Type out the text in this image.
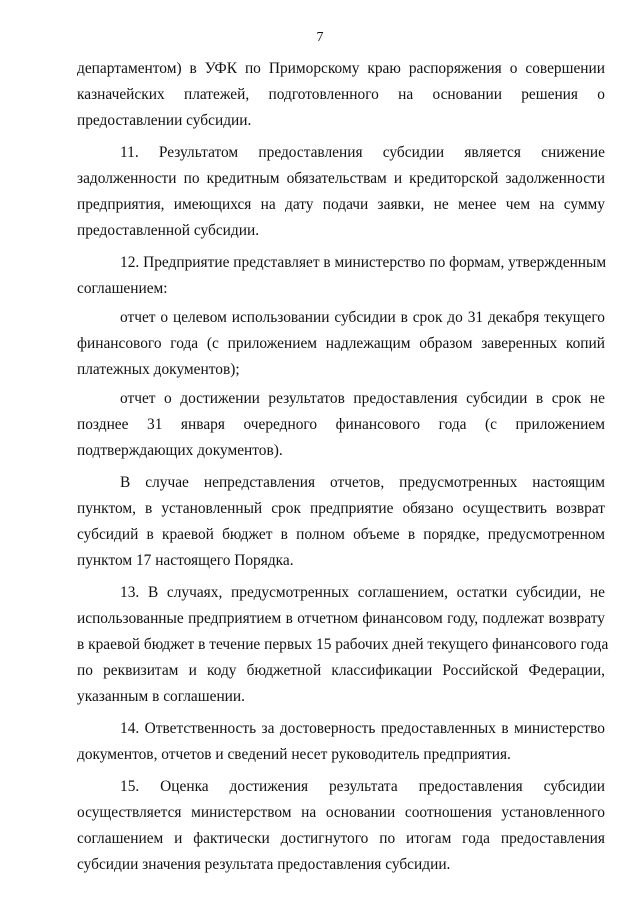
7
департаментом) в УФК по Приморскому краю распоряжения о совершении
казначейских платежей, подготовленного на основании решения о
предоставлении субсидии.
11. Результатом предоставления субсидии является снижение
задолженности по кредитным обязательствам и кредиторской задолженности
предприятия, имеющихся на дату подачи заявки, не менее чем на сумму
предоставленной субсидии.
12. Предприятие представляет в министерство по формам, утвержденным
соглашением:
отчет о целевом использовании субсидии в срок до 31 декабря текущего
финансового года (с приложением надлежащим образом заверенных копий
платежных документов);
отчет о достижении результатов предоставления субсидии в срок не
позднее 31 января очередного финансового года (с приложением
подтверждающих документов).
В случае непредставления отчетов, предусмотренных настоящим
пунктом, в установленный срок предприятие обязано осуществить возврат
субсидий в краевой бюджет в полном объеме в порядке, предусмотренном
пунктом 17 настоящего Порядка.
13. В случаях, предусмотренных соглашением, остатки субсидии, не
использованные предприятием в отчетном финансовом году, подлежат возврату
в краевой бюджет в течение первых 15 рабочих дней текущего финансового года
по реквизитам и коду бюджетной классификации Российской Федерации,
указанным в соглашении.
14. Ответственность за достоверность предоставленных в министерство
документов, отчетов и сведений несет руководитель предприятия.
15. Оценка достижения результата предоставления субсидии
осуществляется министерством на основании соотношения установленного
соглашением и фактически достигнутого по итогам года предоставления
субсидии значения результата предоставления субсидии.
